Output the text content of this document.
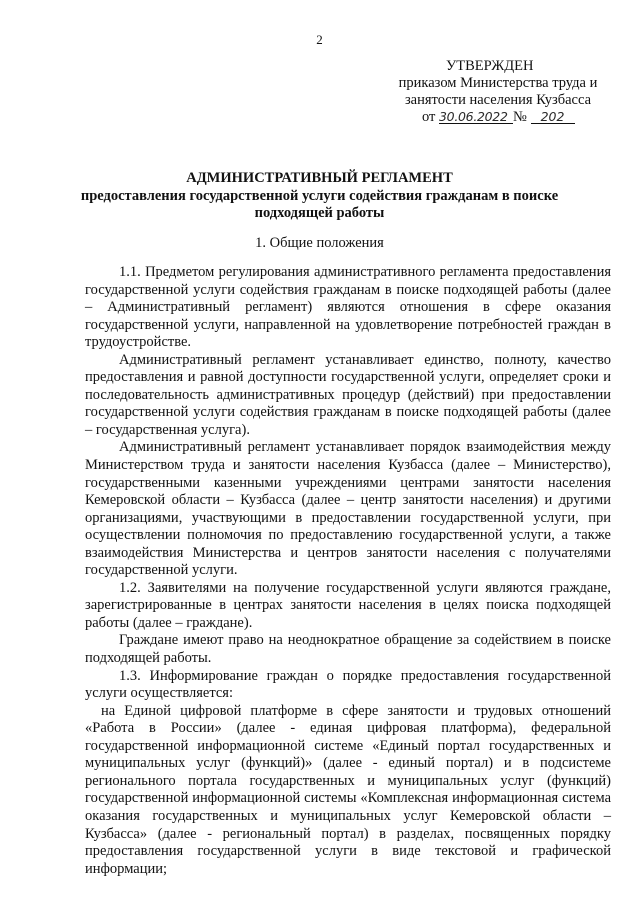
2
УТВЕРЖДЕН
приказом Министерства труда и
занятости населения Кузбасса
от 30.06.2022 № 202
АДМИНИСТРАТИВНЫЙ РЕГЛАМЕНТ
предоставления государственной услуги содействия гражданам в поиске подходящей работы
1. Общие положения

1.1. Предметом регулирования административного регламента предоставления государственной услуги содействия гражданам в поиске подходящей работы (далее – Административный регламент) являются отношения в сфере оказания государственной услуги, направленной на удовлетворение потребностей граждан в трудоустройстве.

Административный регламент устанавливает единство, полноту, качество предоставления и равной доступности государственной услуги, определяет сроки и последовательность административных процедур (действий) при предоставлении государственной услуги содействия гражданам в поиске подходящей работы (далее – государственная услуга).

Административный регламент устанавливает порядок взаимодействия между Министерством труда и занятости населения Кузбасса (далее – Министерство), государственными казенными учреждениями центрами занятости населения Кемеровской области – Кузбасса (далее – центр занятости населения) и другими организациями, участвующими в предоставлении государственной услуги, при осуществлении полномочия по предоставлению государственной услуги, а также взаимодействия Министерства и центров занятости населения с получателями государственной услуги.

1.2. Заявителями на получение государственной услуги являются граждане, зарегистрированные в центрах занятости населения в целях поиска подходящей работы (далее – граждане).

Граждане имеют право на неоднократное обращение за содействием в поиске подходящей работы.

1.3. Информирование граждан о порядке предоставления государственной услуги осуществляется:

на Единой цифровой платформе в сфере занятости и трудовых отношений «Работа в России» (далее - единая цифровая платформа), федеральной государственной информационной системе «Единый портал государственных и муниципальных услуг (функций)» (далее - единый портал) и в подсистеме регионального портала государственных и муниципальных услуг (функций) государственной информационной системы «Комплексная информационная система оказания государственных и муниципальных услуг Кемеровской области – Кузбасса» (далее - региональный портал) в разделах, посвященных порядку предоставления государственной услуги в виде текстовой и графической информации;
